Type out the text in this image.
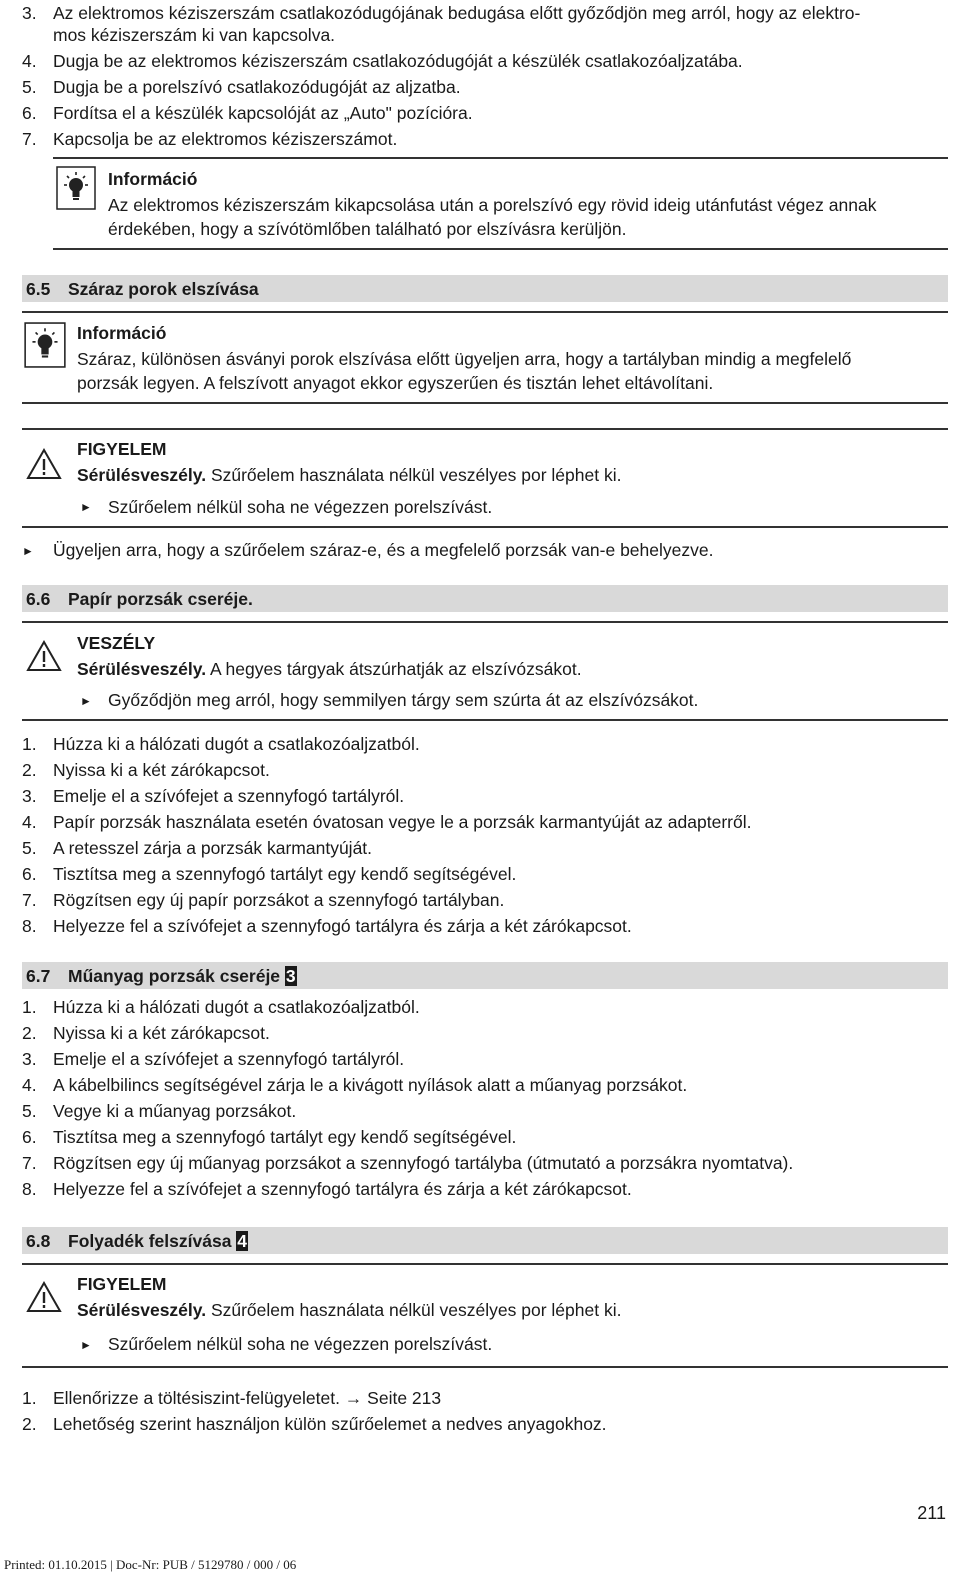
3. Az elektromos kéziszerszám csatlakozódugójának bedugása előtt győződjön meg arról, hogy az elektro-
mos kéziszerszám ki van kapcsolva.
4. Dugja be az elektromos kéziszerszám csatlakozódugóját a készülék csatlakozóaljzatába.
5. Dugja be a porelszívó csatlakozódugóját az aljzatba.
6. Fordítsa el a készülék kapcsolóját az „Auto" pozícióra.
7. Kapcsolja be az elektromos kéziszerszámot.
Információ
Az elektromos kéziszerszám kikapcsolása után a porelszívó egy rövid ideig utánfutást végez annak
érdekében, hogy a szívótömlőben található por elszívásra kerüljön.
6.5 Száraz porok elszívása
Információ
Száraz, különösen ásványi porok elszívása előtt ügyeljen arra, hogy a tartályban mindig a megfelelő
porzsák legyen. A felszívott anyagot ekkor egyszerűen és tisztán lehet eltávolítani.
FIGYELEM
Sérülésveszély. Szűrőelem használata nélkül veszélyes por léphet ki.
► Szűrőelem nélkül soha ne végezzen porelszívást.
► Ügyeljen arra, hogy a szűrőelem száraz-e, és a megfelelő porzsák van-e behelyezve.
6.6 Papír porzsák cseréje.
VESZÉLY
Sérülésveszély. A hegyes tárgyak átszúrhatják az elszívózsákot.
► Győződjön meg arról, hogy semmilyen tárgy sem szúrta át az elszívózsákot.
1. Húzza ki a hálózati dugót a csatlakozóaljzatból.
2. Nyissa ki a két zárókapcsot.
3. Emelje el a szívófejet a szennyfogó tartályról.
4. Papír porzsák használata esetén óvatosan vegye le a porzsák karmantyúját az adapterről.
5. A retesszel zárja a porzsák karmantyúját.
6. Tisztítsa meg a szennyfogó tartályt egy kendő segítségével.
7. Rögzítsen egy új papír porzsákot a szennyfogó tartályban.
8. Helyezze fel a szívófejet a szennyfogó tartályra és zárja a két zárókapcsot.
6.7 Műanyag porzsák cseréje 3
1. Húzza ki a hálózati dugót a csatlakozóaljzatból.
2. Nyissa ki a két zárókapcsot.
3. Emelje el a szívófejet a szennyfogó tartályról.
4. A kábelbilincs segítségével zárja le a kivágott nyílások alatt a műanyag porzsákot.
5. Vegye ki a műanyag porzsákot.
6. Tisztítsa meg a szennyfogó tartályt egy kendő segítségével.
7. Rögzítsen egy új műanyag porzsákot a szennyfogó tartályba (útmutató a porzsákra nyomtatva).
8. Helyezze fel a szívófejet a szennyfogó tartályra és zárja a két zárókapcsot.
6.8 Folyadék felszívása 4
FIGYELEM
Sérülésveszély. Szűrőelem használata nélkül veszélyes por léphet ki.
► Szűrőelem nélkül soha ne végezzen porelszívást.
1. Ellenőrizze a töltésiszint-felügyeletet. → Seite 213
2. Lehetőség szerint használjon külön szűrőelemet a nedves anyagokhoz.
211
Printed: 01.10.2015 | Doc-Nr: PUB / 5129780 / 000 / 06
